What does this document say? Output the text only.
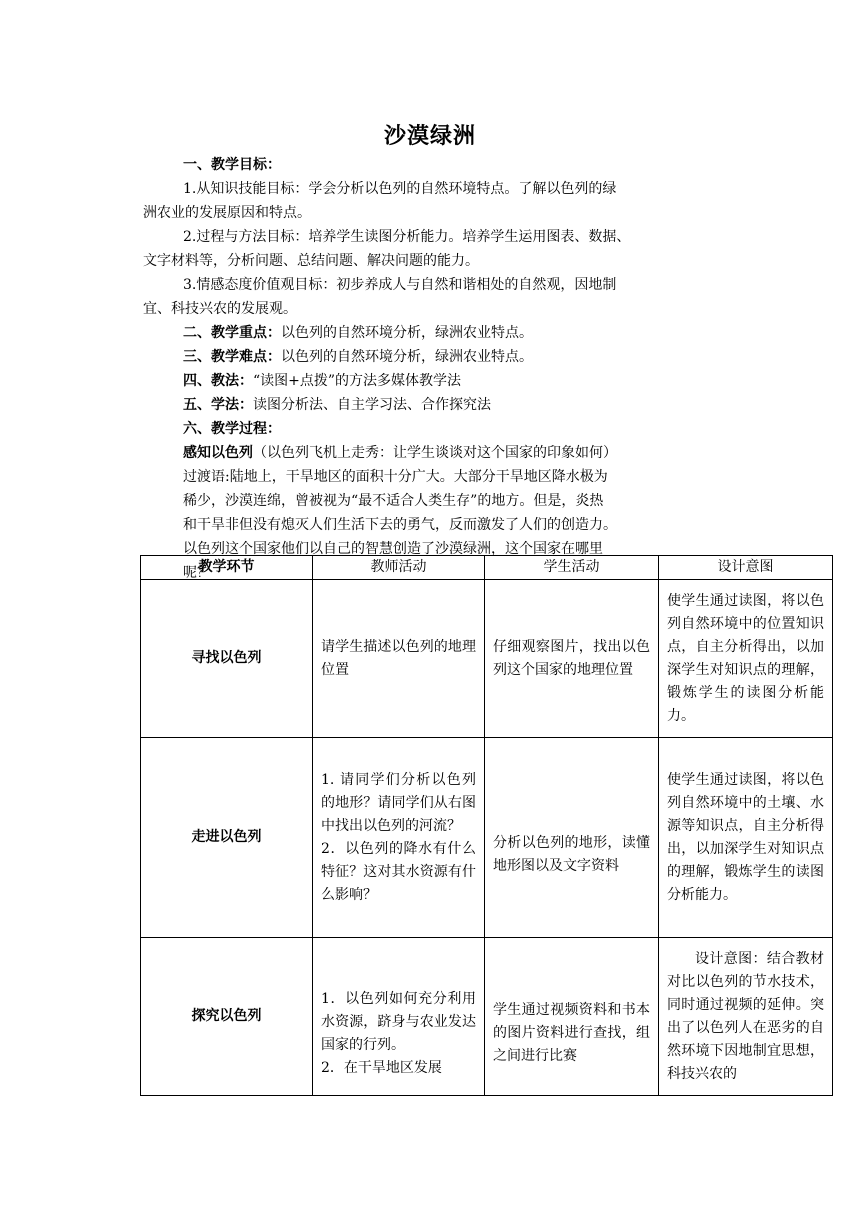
沙漠绿洲

一、教学目标：

1.从知识技能目标：学会分析以色列的自然环境特点。了解以色列的绿

洲农业的发展原因和特点。

2.过程与方法目标：培养学生读图分析能力。培养学生运用图表、数据、

文字材料等，分析问题、总结问题、解决问题的能力。

3.情感态度价值观目标：初步养成人与自然和谐相处的自然观，因地制

宜、科技兴农的发展观。

二、教学重点：以色列的自然环境分析，绿洲农业特点。

三、教学难点：以色列的自然环境分析，绿洲农业特点。

四、教法：“读图+点拨”的方法多媒体教学法

五、学法：读图分析法、自主学习法、合作探究法

六、教学过程：

感知以色列（以色列飞机上走秀：让学生谈谈对这个国家的印象如何）

过渡语:陆地上，干旱地区的面积十分广大。大部分干旱地区降水极为

稀少，沙漠连绵，曾被视为“最不适合人类生存”的地方。但是，炎热

和干旱非但没有熄灭人们生活下去的勇气，反而激发了人们的创造力。

以色列这个国家他们以自己的智慧创造了沙漠绿洲，这个国家在哪里

呢？

教学环节	教师活动	学生活动	设计意图
寻找以色列	请学生描述以色列的地理位置	仔细观察图片，找出以色列这个国家的地理位置	使学生通过读图，将以色列自然环境中的位置知识点，自主分析得出，以加深学生对知识点的理解，锻炼学生的读图分析能力。
走进以色列	1. 请同学们分析以色列的地形？请同学们从右图中找出以色列的河流？
2．以色列的降水有什么特征？这对其水资源有什么影响？	分析以色列的地形，读懂地形图以及文字资料	使学生通过读图，将以色列自然环境中的土壤、水源等知识点，自主分析得出，以加深学生对知识点的理解，锻炼学生的读图分析能力。
探究以色列	1．以色列如何充分利用水资源，跻身与农业发达国家的行列。
2．在干旱地区发展	学生通过视频资料和书本的图片资料进行查找，组之间进行比赛	设计意图：结合教材对比以色列的节水技术，同时通过视频的延伸。突出了以色列人在恶劣的自然环境下因地制宜思想，科技兴农的
